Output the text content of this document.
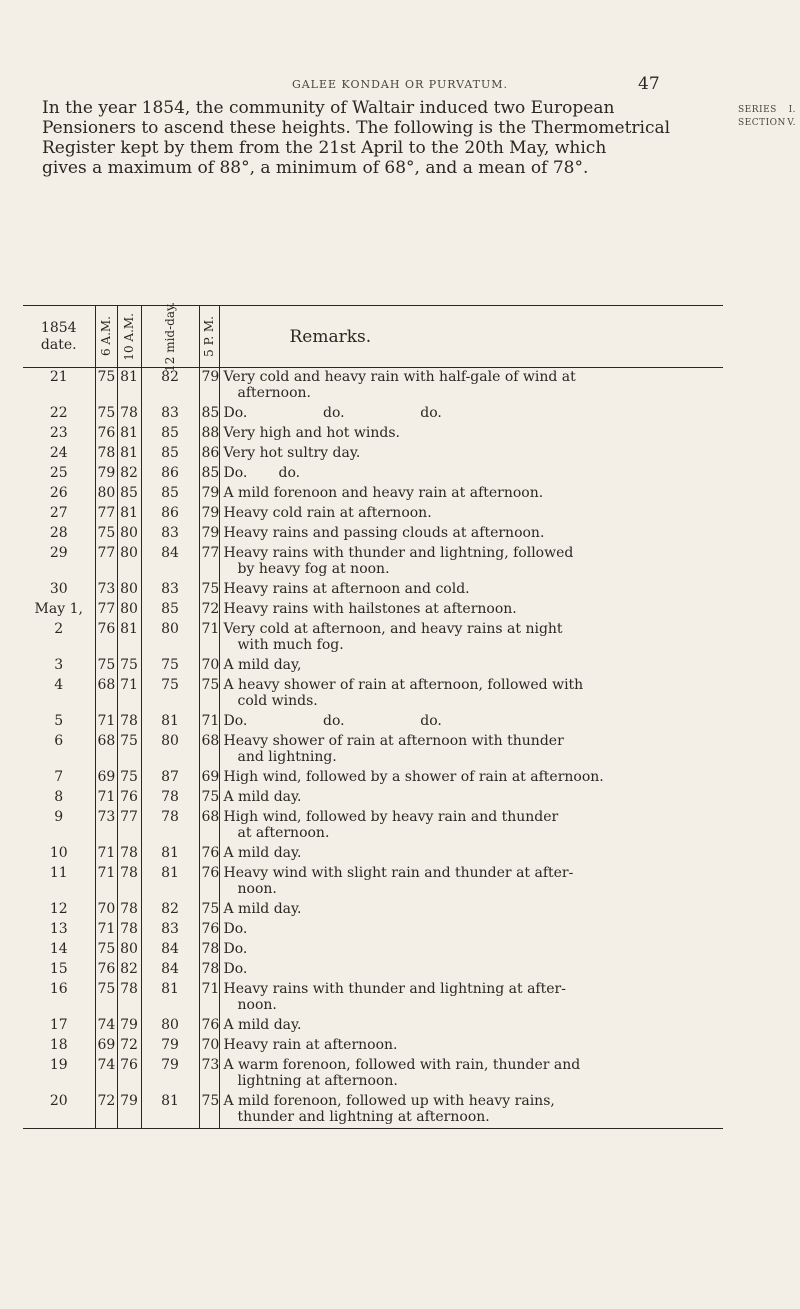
GALEE KONDAH OR PURVATUM.	47
SERIES I.
SECTION V.
In the year 1854, the community of Waltair induced two European
Pensioners to ascend these heights. The following is the Thermometrical
Register kept by them from the 21st April to the 20th May, which
gives a maximum of 88°, a minimum of 68°, and a mean of 78°.
1854
date.	6 A.M.	10 A.M.	12 mid-day.	5 P. M.	Remarks.
21	75	81	82	79	Very cold and heavy rain with half-gale of wind at
afternoon.

22	75	78	83	85	Do.                 do.                 do.

23	76	81	85	88	Very high and hot winds.

24	78	81	85	86	Very hot sultry day.

25	79	82	86	85	Do.       do.

26	80	85	85	79	A mild forenoon and heavy rain at afternoon.

27	77	81	86	79	Heavy cold rain at afternoon.

28	75	80	83	79	Heavy rains and passing clouds at afternoon.

29	77	80	84	77	Heavy rains with thunder and lightning, followed
by heavy fog at noon.

30	73	80	83	75	Heavy rains at afternoon and cold.

May 1,	77	80	85	72	Heavy rains with hailstones at afternoon.

2	76	81	80	71	Very cold at afternoon, and heavy rains at night
with much fog.

3	75	75	75	70	A mild day,

4	68	71	75	75	A heavy shower of rain at afternoon, followed with
cold winds.

5	71	78	81	71	Do.                 do.                 do.

6	68	75	80	68	Heavy shower of rain at afternoon with thunder
and lightning.

7	69	75	87	69	High wind, followed by a shower of rain at afternoon.

8	71	76	78	75	A mild day.

9	73	77	78	68	High wind, followed by heavy rain and thunder
at afternoon.

10	71	78	81	76	A mild day.

11	71	78	81	76	Heavy wind with slight rain and thunder at after-
noon.

12	70	78	82	75	A mild day.

13	71	78	83	76	Do.

14	75	80	84	78	Do.

15	76	82	84	78	Do.

16	75	78	81	71	Heavy rains with thunder and lightning at after-
noon.

17	74	79	80	76	A mild day.

18	69	72	79	70	Heavy rain at afternoon.

19	74	76	79	73	A warm forenoon, followed with rain, thunder and
lightning at afternoon.

20	72	79	81	75	A mild forenoon, followed up with heavy rains,
thunder and lightning at afternoon.
